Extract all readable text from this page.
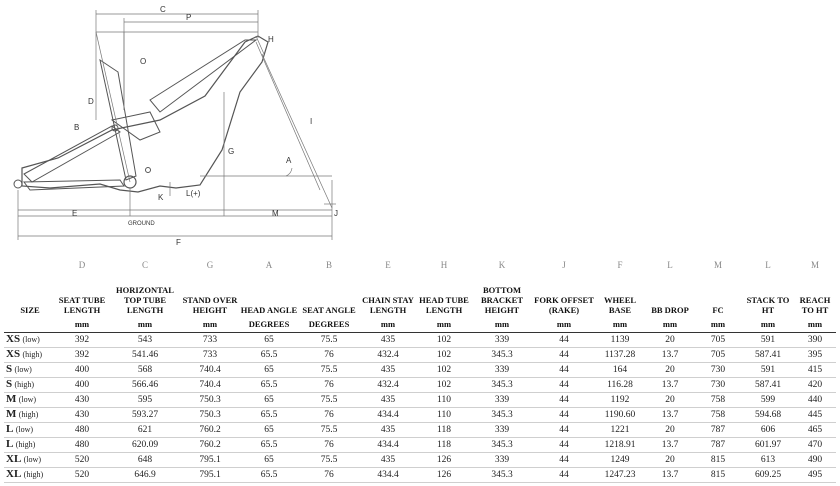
C
P
H
O
D
B
G
I
A
L(+)
K
E	M	J
F
GROUND
	D	C	G	A	B	E	H	K	J	F	L	M	L	M
SIZE	SEAT TUBE LENGTH	HORIZONTAL TOP TUBE LENGTH	STAND OVER HEIGHT	HEAD ANGLE	SEAT ANGLE	CHAIN STAY LENGTH	HEAD TUBE LENGTH	BOTTOM BRACKET HEIGHT	FORK OFFSET (RAKE)	WHEEL BASE	BB DROP	FC	STACK TO HT	REACH TO HT
	mm	mm	mm	DEGREES	DEGREES	mm	mm	mm	mm	mm	mm	mm	mm	mm
XS (low)	392	543	733	65	75.5	435	102	339	44	1139	20	705	591	390
XS (high)	392	541.46	733	65.5	76	432.4	102	345.3	44	1137.28	13.7	705	587.41	395
S (low)	400	568	740.4	65	75.5	435	102	339	44	164	20	730	591	415
S (high)	400	566.46	740.4	65.5	76	432.4	102	345.3	44	116.28	13.7	730	587.41	420
M (low)	430	595	750.3	65	75.5	435	110	339	44	1192	20	758	599	440
M (high)	430	593.27	750.3	65.5	76	434.4	110	345.3	44	1190.60	13.7	758	594.68	445
L (low)	480	621	760.2	65	75.5	435	118	339	44	1221	20	787	606	465
L (high)	480	620.09	760.2	65.5	76	434.4	118	345.3	44	1218.91	13.7	787	601.97	470
XL (low)	520	648	795.1	65	75.5	435	126	339	44	1249	20	815	613	490
XL (high)	520	646.9	795.1	65.5	76	434.4	126	345.3	44	1247.23	13.7	815	609.25	495
